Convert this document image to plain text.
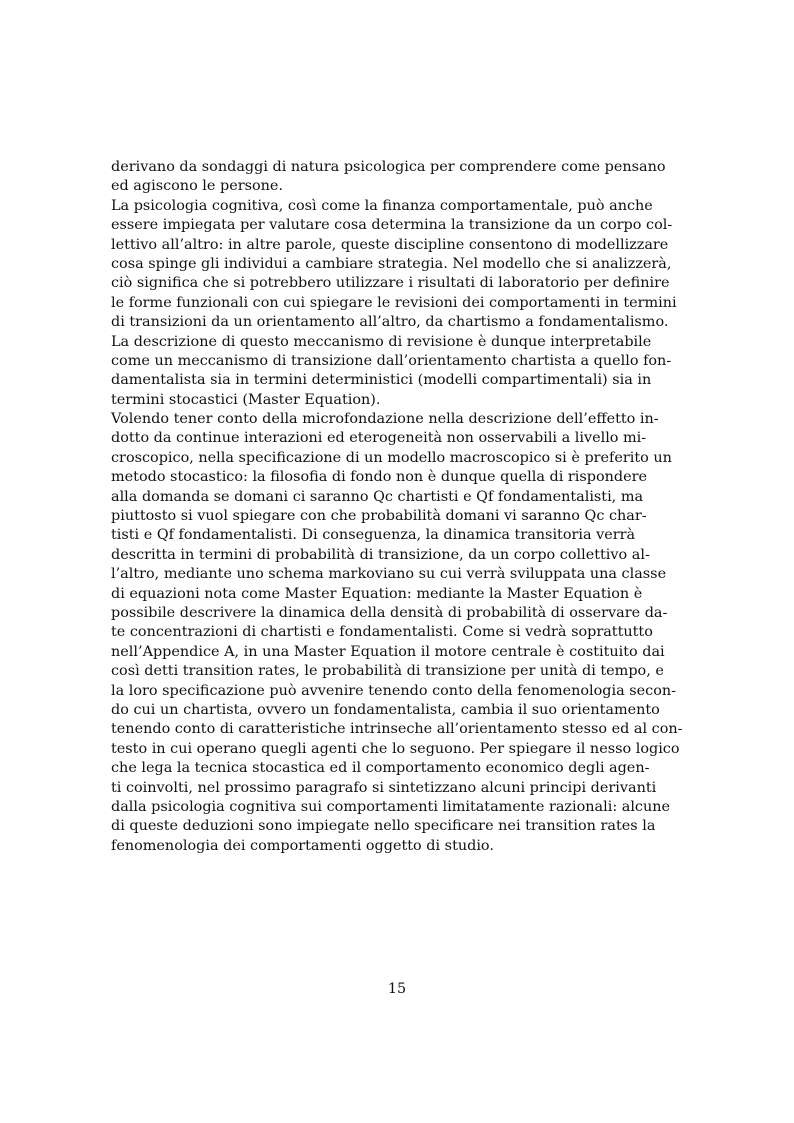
derivano da sondaggi di natura psicologica per comprendere come pensano
ed agiscono le persone.
La psicologia cognitiva, così come la finanza comportamentale, può anche
essere impiegata per valutare cosa determina la transizione da un corpo col-
lettivo all’altro: in altre parole, queste discipline consentono di modellizzare
cosa spinge gli individui a cambiare strategia. Nel modello che si analizzerà,
ciò significa che si potrebbero utilizzare i risultati di laboratorio per definire
le forme funzionali con cui spiegare le revisioni dei comportamenti in termini
di transizioni da un orientamento all’altro, da chartismo a fondamentalismo.
La descrizione di questo meccanismo di revisione è dunque interpretabile
come un meccanismo di transizione dall’orientamento chartista a quello fon-
damentalista sia in termini deterministici (modelli compartimentali) sia in
termini stocastici (Master Equation).
Volendo tener conto della microfondazione nella descrizione dell’effetto in-
dotto da continue interazioni ed eterogeneità non osservabili a livello mi-
croscopico, nella specificazione di un modello macroscopico si è preferito un
metodo stocastico: la filosofia di fondo non è dunque quella di rispondere
alla domanda se domani ci saranno Qc chartisti e Qf fondamentalisti, ma
piuttosto si vuol spiegare con che probabilità domani vi saranno Qc char-
tisti e Qf fondamentalisti. Di conseguenza, la dinamica transitoria verrà
descritta in termini di probabilità di transizione, da un corpo collettivo al-
l’altro, mediante uno schema markoviano su cui verrà sviluppata una classe
di equazioni nota come Master Equation: mediante la Master Equation è
possibile descrivere la dinamica della densità di probabilità di osservare da-
te concentrazioni di chartisti e fondamentalisti. Come si vedrà soprattutto
nell’Appendice A, in una Master Equation il motore centrale è costituito dai
così detti transition rates, le probabilità di transizione per unità di tempo, e
la loro specificazione può avvenire tenendo conto della fenomenologia secon-
do cui un chartista, ovvero un fondamentalista, cambia il suo orientamento
tenendo conto di caratteristiche intrinseche all’orientamento stesso ed al con-
testo in cui operano quegli agenti che lo seguono. Per spiegare il nesso logico
che lega la tecnica stocastica ed il comportamento economico degli agen-
ti coinvolti, nel prossimo paragrafo si sintetizzano alcuni principi derivanti
dalla psicologia cognitiva sui comportamenti limitatamente razionali: alcune
di queste deduzioni sono impiegate nello specificare nei transition rates la
fenomenologia dei comportamenti oggetto di studio.
15
